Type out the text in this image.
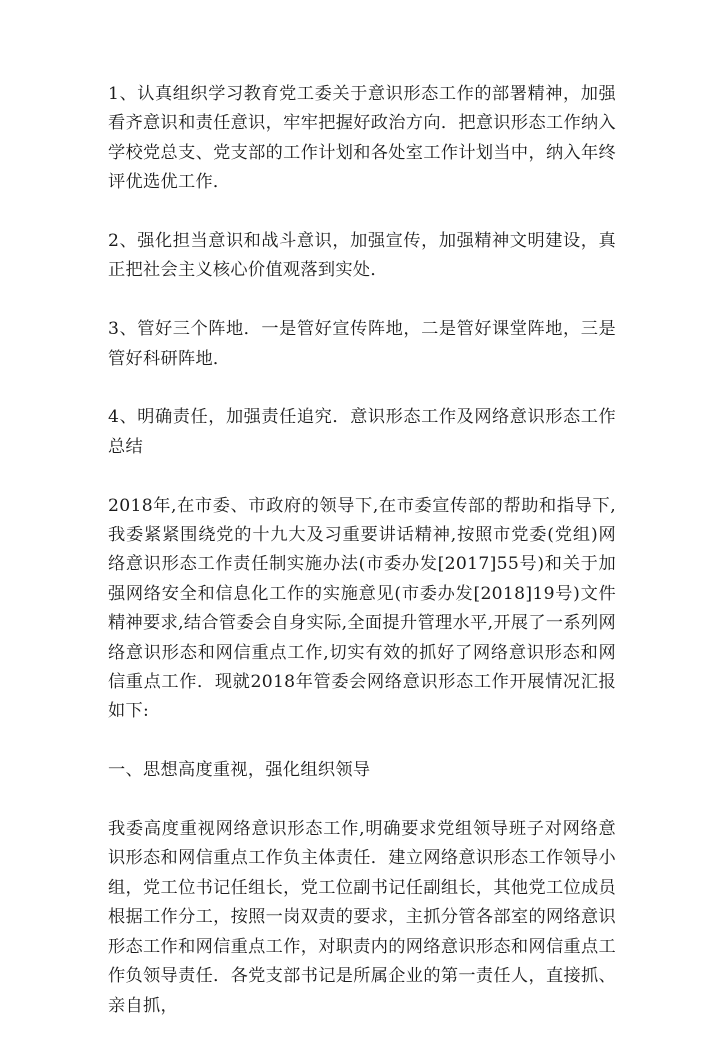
1、认真组织学习教育党工委关于意识形态工作的部署精神，加强看齐意识和责任意识，牢牢把握好政治方向．把意识形态工作纳入学校党总支、党支部的工作计划和各处室工作计划当中，纳入年终评优选优工作．

2、强化担当意识和战斗意识，加强宣传，加强精神文明建设，真正把社会主义核心价值观落到实处．

3、管好三个阵地．一是管好宣传阵地，二是管好课堂阵地，三是管好科研阵地．

4、明确责任，加强责任追究．意识形态工作及网络意识形态工作总结

2018年,在市委、市政府的领导下,在市委宣传部的帮助和指导下,我委紧紧围绕党的十九大及习重要讲话精神,按照市党委(党组)网络意识形态工作责任制实施办法(市委办发[2017]55号)和关于加强网络安全和信息化工作的实施意见(市委办发[2018]19号)文件精神要求,结合管委会自身实际,全面提升管理水平,开展了一系列网络意识形态和网信重点工作,切实有效的抓好了网络意识形态和网信重点工作．现就2018年管委会网络意识形态工作开展情况汇报如下:

一、思想高度重视，强化组织领导

我委高度重视网络意识形态工作,明确要求党组领导班子对网络意识形态和网信重点工作负主体责任．建立网络意识形态工作领导小组，党工位书记任组长，党工位副书记任副组长，其他党工位成员根据工作分工，按照一岗双责的要求，主抓分管各部室的网络意识形态工作和网信重点工作，对职责内的网络意识形态和网信重点工作负领导责任．各党支部书记是所属企业的第一责任人，直接抓、亲自抓，
